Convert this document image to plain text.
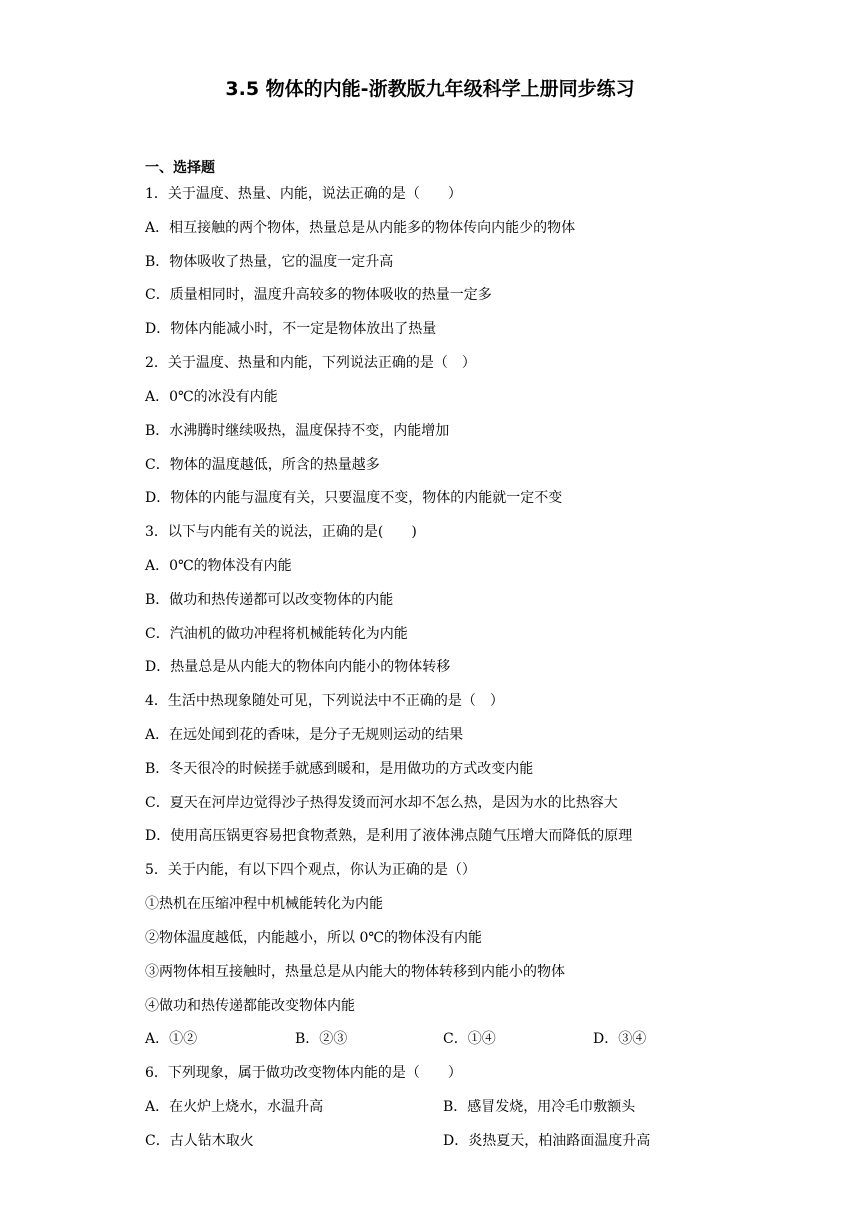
3.5 物体的内能-浙教版九年级科学上册同步练习
一、选择题
1．关于温度、热量、内能，说法正确的是（　　）
A．相互接触的两个物体，热量总是从内能多的物体传向内能少的物体
B．物体吸收了热量，它的温度一定升高
C．质量相同时，温度升高较多的物体吸收的热量一定多
D．物体内能减小时，不一定是物体放出了热量
2．关于温度、热量和内能，下列说法正确的是（　）
A．0℃的冰没有内能
B．水沸腾时继续吸热，温度保持不变，内能增加
C．物体的温度越低，所含的热量越多
D．物体的内能与温度有关，只要温度不变，物体的内能就一定不变
3．以下与内能有关的说法，正确的是(　　)
A．0℃的物体没有内能
B．做功和热传递都可以改变物体的内能
C．汽油机的做功冲程将机械能转化为内能
D．热量总是从内能大的物体向内能小的物体转移
4．生活中热现象随处可见，下列说法中不正确的是（　）
A．在远处闻到花的香味，是分子无规则运动的结果
B．冬天很冷的时候搓手就感到暖和，是用做功的方式改变内能
C．夏天在河岸边觉得沙子热得发烫而河水却不怎么热，是因为水的比热容大
D．使用高压锅更容易把食物煮熟，是利用了液体沸点随气压增大而降低的原理
5．关于内能，有以下四个观点，你认为正确的是（）
①热机在压缩冲程中机械能转化为内能
②物体温度越低，内能越小，所以 0℃的物体没有内能
③两物体相互接触时，热量总是从内能大的物体转移到内能小的物体
④做功和热传递都能改变物体内能
A．①②	B．②③	C．①④	D．③④
6．下列现象，属于做功改变物体内能的是（　　）
A．在火炉上烧水，水温升高	B．感冒发烧，用冷毛巾敷额头
C．古人钻木取火	D．炎热夏天，柏油路面温度升高
